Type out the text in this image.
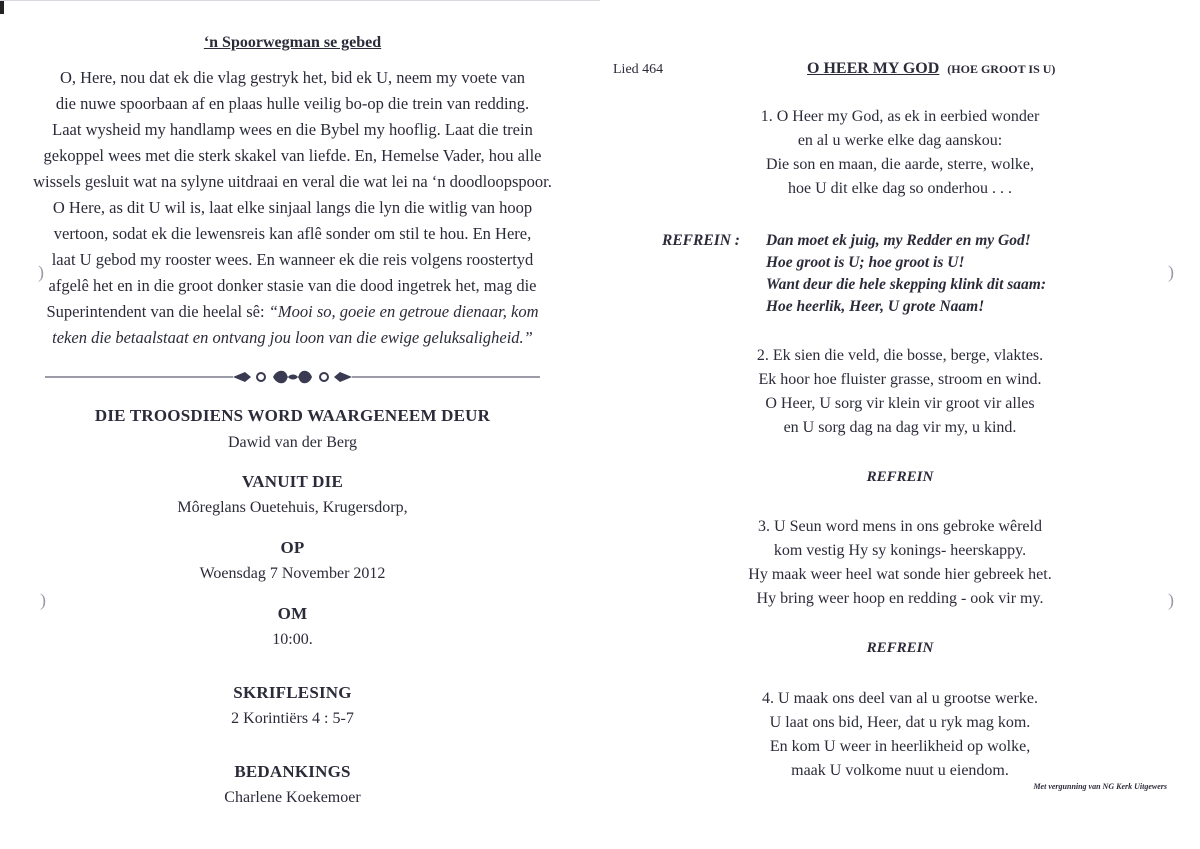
‘n Spoorwegman se gebed
O, Here, nou dat ek die vlag gestryk het, bid ek U, neem my voete van
die nuwe spoorbaan af en plaas hulle veilig bo-op die trein van redding.
Laat wysheid my handlamp wees en die Bybel my hooflig. Laat die trein
gekoppel wees met die sterk skakel van liefde. En, Hemelse Vader, hou alle
wissels gesluit wat na sylyne uitdraai en veral die wat lei na ‘n doodloopspoor.
O Here, as dit U wil is, laat elke sinjaal langs die lyn die witlig van hoop
vertoon, sodat ek die lewensreis kan aflê sonder om stil te hou. En Here,
laat U gebod my rooster wees. En wanneer ek die reis volgens roostertyd
afgelê het en in die groot donker stasie van die dood ingetrek het, mag die
Superintendent van die heelal sê: “Mooi so, goeie en getroue dienaar, kom
teken die betaalstaat en ontvang jou loon van die ewige geluksaligheid.”
DIE TROOSDIENS WORD WAARGENEEM DEUR
Dawid van der Berg
VANUIT DIE
Môreglans Ouetehuis, Krugersdorp,
OP
Woensdag 7 November 2012
OM
10:00.
SKRIFLESING
2 Korintiërs 4 : 5-7
BEDANKINGS
Charlene Koekemoer
)
)
Lied 464	O HEER MY GOD (HOE GROOT IS U)
1. O Heer my God, as ek in eerbied wonder
en al u werke elke dag aanskou:
Die son en maan, die aarde, sterre, wolke,
hoe U dit elke dag so onderhou . . .
REFREIN : Dan moet ek juig, my Redder en my God!
Hoe groot is U; hoe groot is U!
Want deur die hele skepping klink dit saam:
Hoe heerlik, Heer, U grote Naam!
2. Ek sien die veld, die bosse, berge, vlaktes.
Ek hoor hoe fluister grasse, stroom en wind.
O Heer, U sorg vir klein vir groot vir alles
en U sorg dag na dag vir my, u kind.
REFREIN
3. U Seun word mens in ons gebroke wêreld
kom vestig Hy sy konings- heerskappy.
Hy maak weer heel wat sonde hier gebreek het.
Hy bring weer hoop en redding - ook vir my.
REFREIN
4. U maak ons deel van al u grootse werke.
U laat ons bid, Heer, dat u ryk mag kom.
En kom U weer in heerlikheid op wolke,
maak U volkome nuut u eiendom.
Met vergunning van NG Kerk Uitgewers
)
)
